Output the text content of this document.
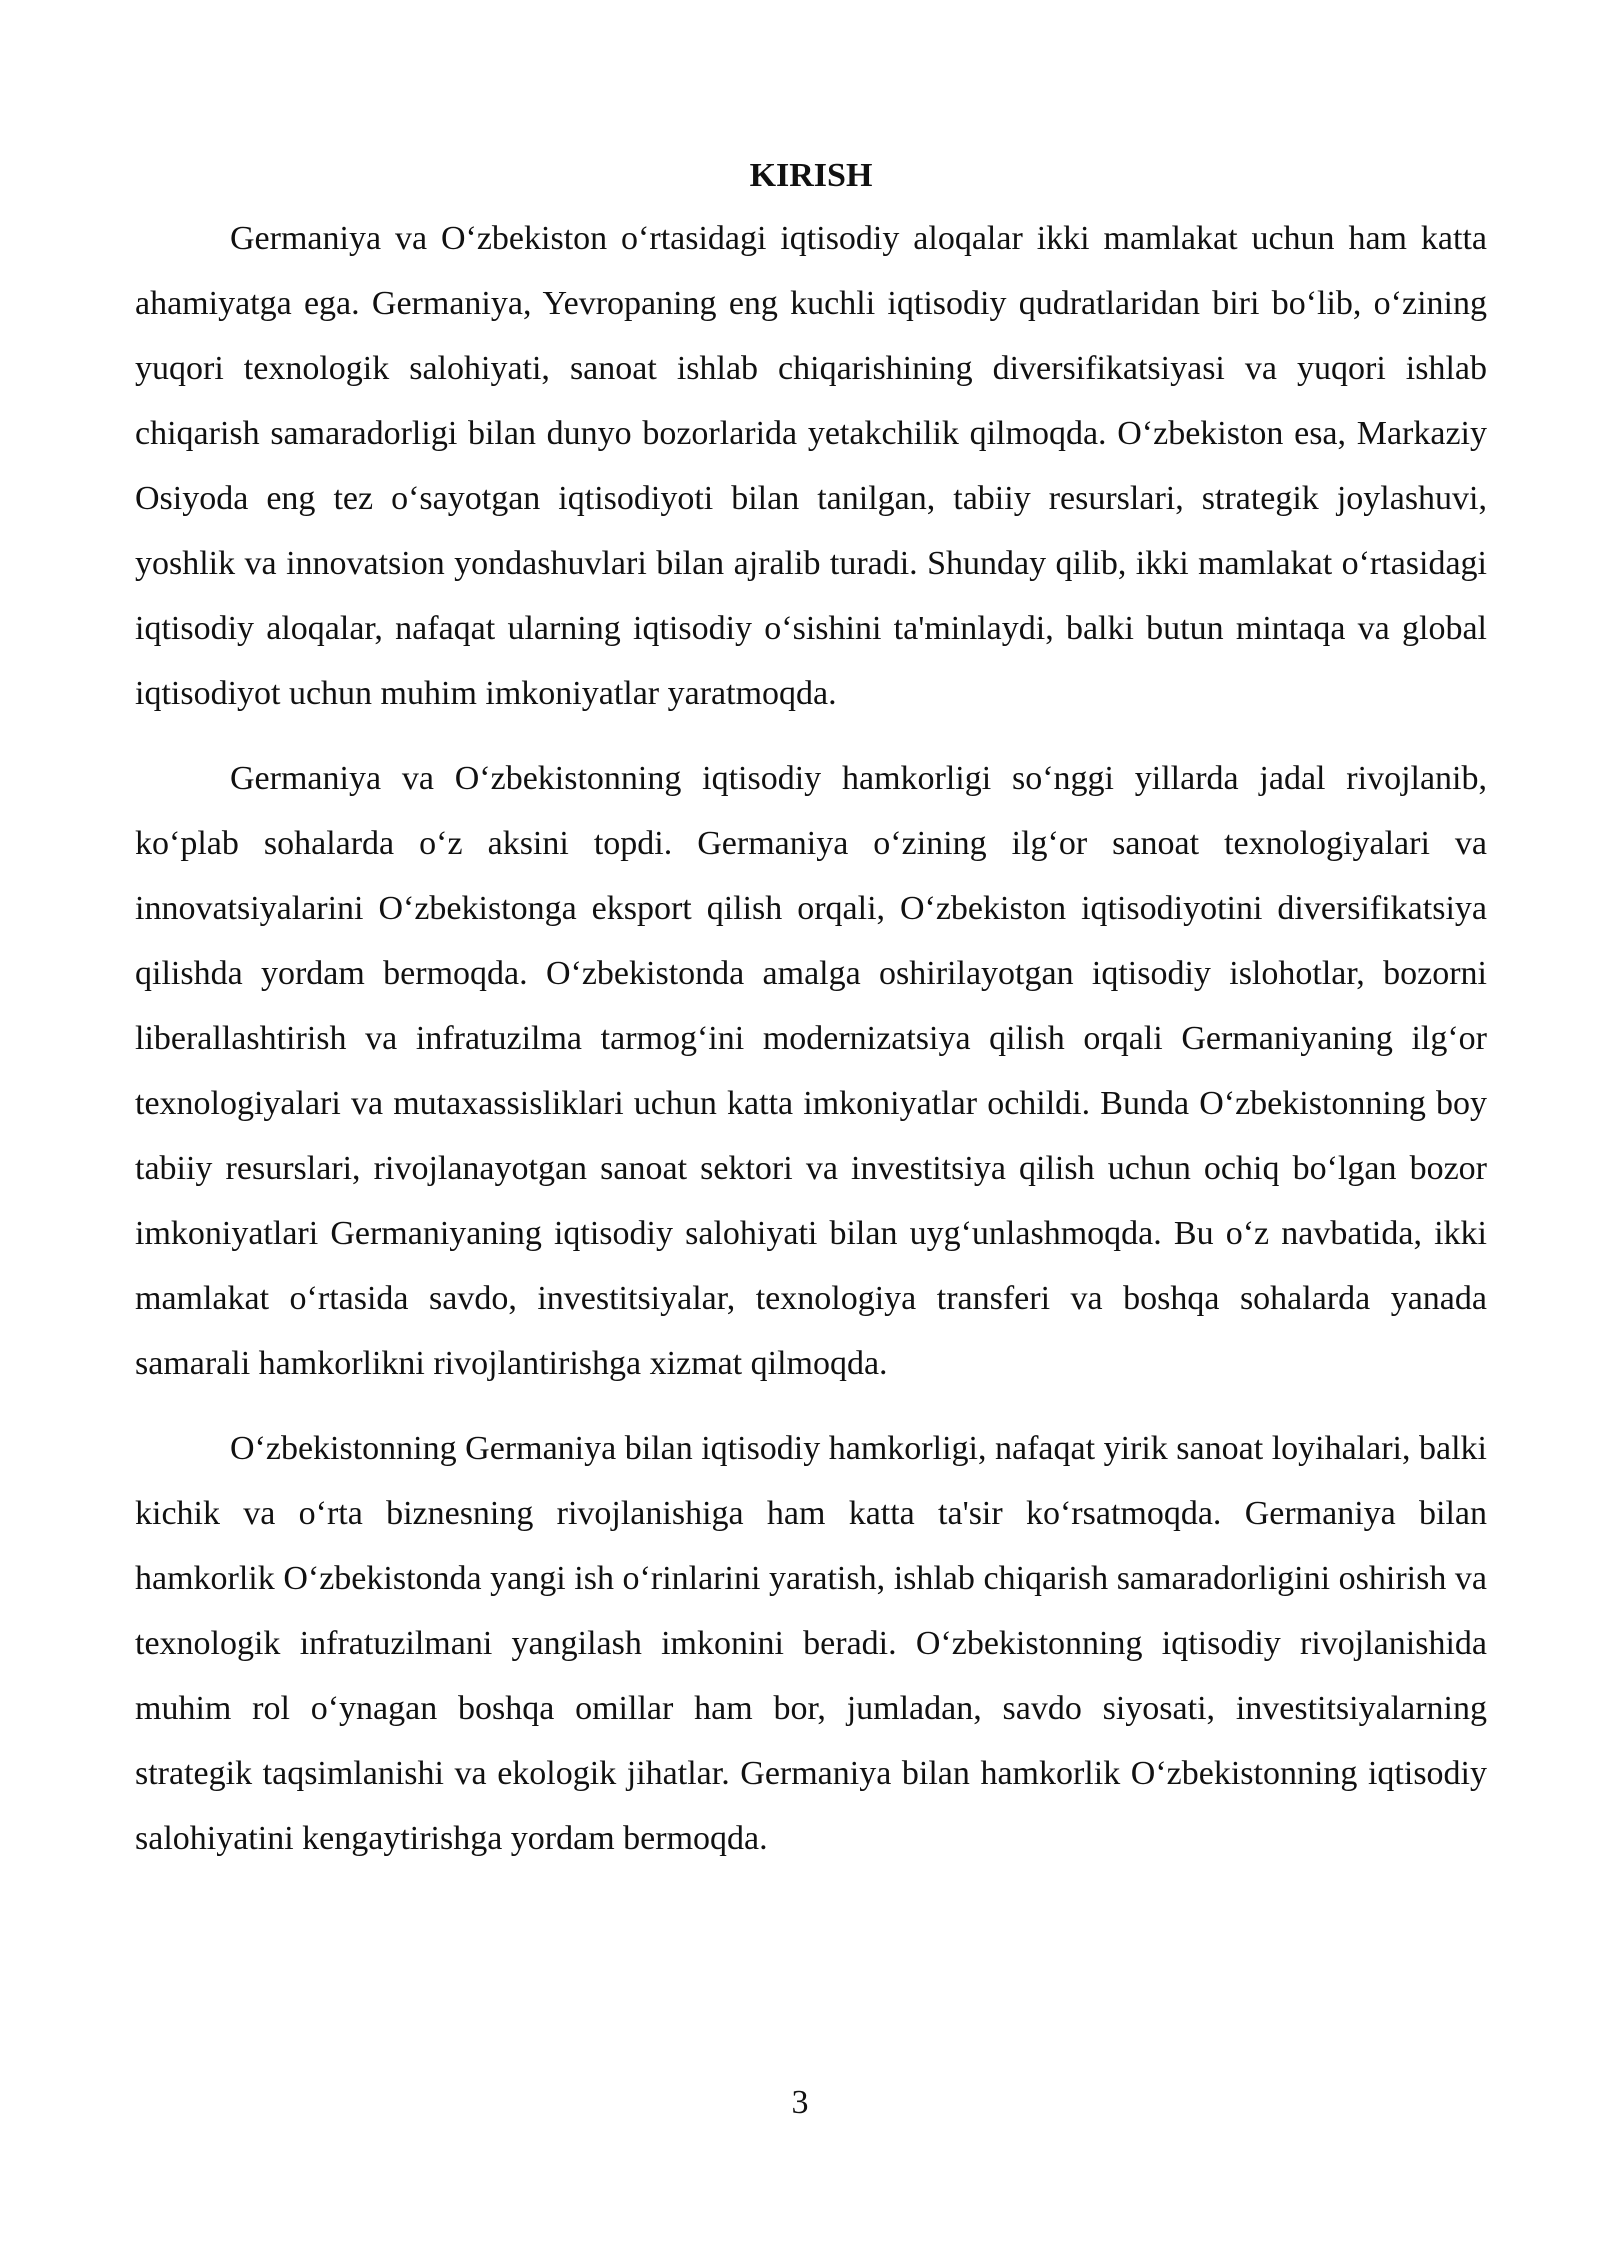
KIRISH

Germaniya va O‘zbekiston o‘rtasidagi iqtisodiy aloqalar ikki mamlakat uchun ham katta ahamiyatga ega. Germaniya, Yevropaning eng kuchli iqtisodiy qudratlaridan biri bo‘lib, o‘zining yuqori texnologik salohiyati, sanoat ishlab chiqarishining diversifikatsiyasi va yuqori ishlab chiqarish samaradorligi bilan dunyo bozorlarida yetakchilik qilmoqda. O‘zbekiston esa, Markaziy Osiyoda eng tez o‘sayotgan iqtisodiyoti bilan tanilgan, tabiiy resurslari, strategik joylashuvi, yoshlik va innovatsion yondashuvlari bilan ajralib turadi. Shunday qilib, ikki mamlakat o‘rtasidagi iqtisodiy aloqalar, nafaqat ularning iqtisodiy o‘sishini ta'minlaydi, balki butun mintaqa va global iqtisodiyot uchun muhim imkoniyatlar yaratmoqda.

Germaniya va O‘zbekistonning iqtisodiy hamkorligi so‘nggi yillarda jadal rivojlanib, ko‘plab sohalarda o‘z aksini topdi. Germaniya o‘zining ilg‘or sanoat texnologiyalari va innovatsiyalarini O‘zbekistonga eksport qilish orqali, O‘zbekiston iqtisodiyotini diversifikatsiya qilishda yordam bermoqda. O‘zbekistonda amalga oshirilayotgan iqtisodiy islohotlar, bozorni liberallashtirish va infratuzilma tarmog‘ini modernizatsiya qilish orqali Germaniyaning ilg‘or texnologiyalari va mutaxassisliklari uchun katta imkoniyatlar ochildi. Bunda O‘zbekistonning boy tabiiy resurslari, rivojlanayotgan sanoat sektori va investitsiya qilish uchun ochiq bo‘lgan bozor imkoniyatlari Germaniyaning iqtisodiy salohiyati bilan uyg‘unlashmoqda. Bu o‘z navbatida, ikki mamlakat o‘rtasida savdo, investitsiyalar, texnologiya transferi va boshqa sohalarda yanada samarali hamkorlikni rivojlantirishga xizmat qilmoqda.

O‘zbekistonning Germaniya bilan iqtisodiy hamkorligi, nafaqat yirik sanoat loyihalari, balki kichik va o‘rta biznesning rivojlanishiga ham katta ta'sir ko‘rsatmoqda. Germaniya bilan hamkorlik O‘zbekistonda yangi ish o‘rinlarini yaratish, ishlab chiqarish samaradorligini oshirish va texnologik infratuzilmani yangilash imkonini beradi. O‘zbekistonning iqtisodiy rivojlanishida muhim rol o‘ynagan boshqa omillar ham bor, jumladan, savdo siyosati, investitsiyalarning strategik taqsimlanishi va ekologik jihatlar. Germaniya bilan hamkorlik O‘zbekistonning iqtisodiy salohiyatini kengaytirishga yordam bermoqda.

3
